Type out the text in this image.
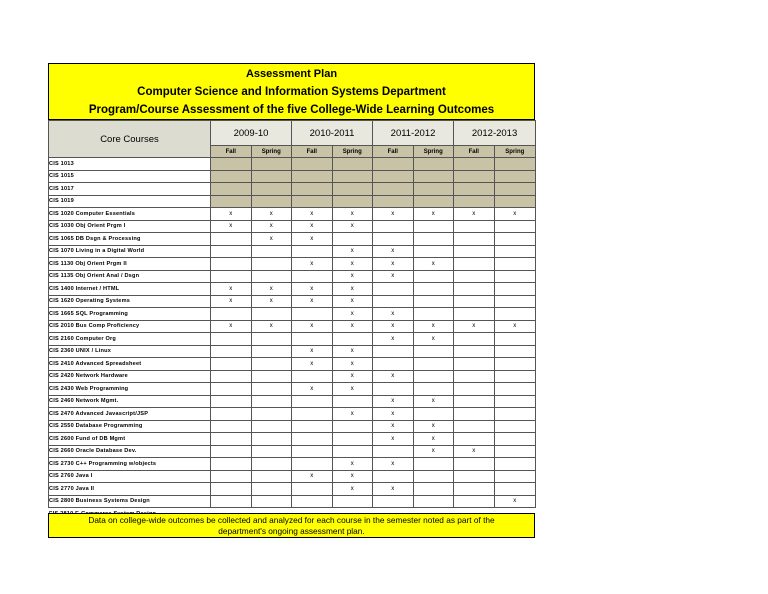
Assessment Plan
Computer Science and Information Systems Department
Program/Course Assessment of the five College-Wide Learning Outcomes
Core Courses	2009-10		2010-2011		2011-2012		2012-2013	
	Fall	Spring	Fall	Spring	Fall	Spring	Fall	Spring
CIS 1013								
CIS 1015								
CIS 1017								
CIS 1019								
CIS 1020 Computer Essentials	x	x	x	x	x	x	x	x
CIS 1030 Obj Orient Prgm I	x	x	x	x				
CIS 1065 DB Dsgn & Processing		x	x					
CIS 1070 Living in a Digital World				x	x			
CIS 1130 Obj Orient Prgm II			x	x	x	x		
CIS 1135 Obj Orient Anal / Dsgn				x	x			
CIS 1400 Internet / HTML	x	x	x	x				
CIS 1620 Operating Systems	x	x	x	x				
CIS 1665 SQL Programming				x	x			
CIS 2010 Bus Comp Proficiency	x	x	x	x	x	x	x	x
CIS 2160 Computer Org					x	x		
CIS 2360 UNIX / Linux			x	x				
CIS 2410 Advanced Spreadsheet			x	x				
CIS 2420 Network Hardware				x	x			
CIS 2430 Web Programming			x	x				
CIS 2460 Network Mgmt.					x	x		
CIS 2470 Advanced Javascript/JSP				x	x			
CIS 2550 Database Programming					x	x		
CIS 2600 Fund of DB Mgmt					x	x		
CIS 2660 Oracle Database Dev.						x	x	
CIS 2730 C++ Programming w/objects				x	x			
CIS 2760 Java I			x	x				
CIS 2770 Java II				x	x			
CIS 2800 Business Systems Design								x

Data on college-wide outcomes be collected and analyzed for each course in the semester noted as part of the
department's ongoing assessment plan.
